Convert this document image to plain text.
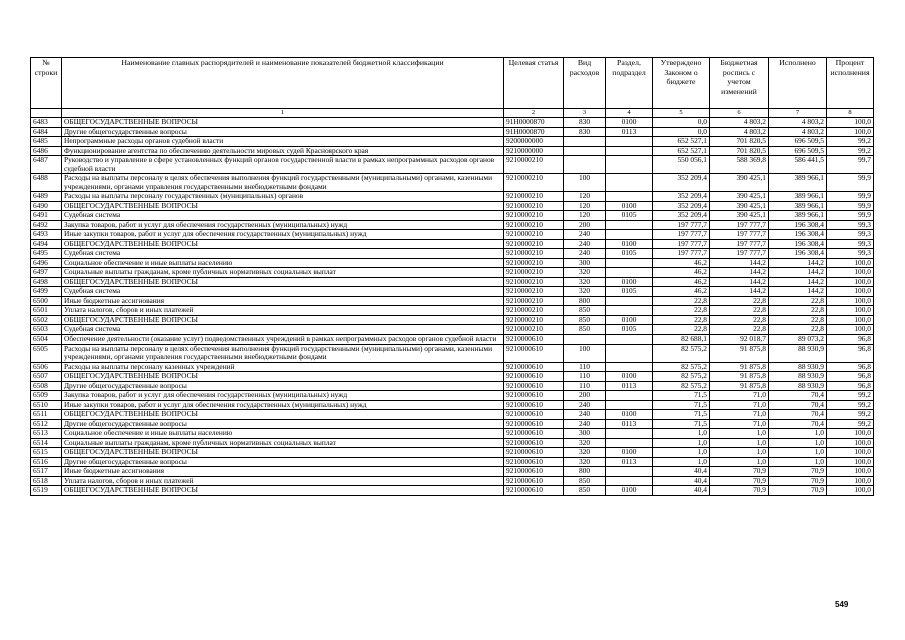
№ строки	Наименование главных распорядителей и наименование показателей бюджетной классификации	Целевая статья	Вид расходов	Раздел, подраздел	Утверждено Законом о бюджете	Бюджетная роспись с учетом изменений	Исполнено	Процент исполнения
	1	2	3	4	5	6	7	8
6483	ОБЩЕГОСУДАРСТВЕННЫЕ ВОПРОСЫ	91Н0000870	830	0100	0,0	4 803,2	4 803,2	100,0
6484	Другие общегосударственные вопросы	91Н0000870	830	0113	0,0	4 803,2	4 803,2	100,0
6485	Непрограммные расходы органов судебной власти	9200000000			652 527,1	701 820,5	696 509,5	99,2
6486	Функционирование агентства по обеспечению деятельности мировых судей Красноярского края	9210000000			652 527,1	701 820,5	696 509,5	99,2
6487	Руководство и управление в сфере установленных функций органов государственной власти в рамках непрограммных расходов органов судебной власти	9210000210			550 056,1	588 369,8	586 441,5	99,7
6488	Расходы на выплаты персоналу в целях обеспечения выполнения функций государственными (муниципальными) органами, казенными учреждениями, органами управления государственными внебюджетными фондами	9210000210	100		352 209,4	390 425,1	389 966,1	99,9
6489	Расходы на выплаты персоналу государственных (муниципальных) органов	9210000210	120		352 209,4	390 425,1	389 966,1	99,9
6490	ОБЩЕГОСУДАРСТВЕННЫЕ ВОПРОСЫ	9210000210	120	0100	352 209,4	390 425,1	389 966,1	99,9
6491	Судебная система	9210000210	120	0105	352 209,4	390 425,1	389 966,1	99,9
6492	Закупка товаров, работ и услуг для обеспечения государственных (муниципальных) нужд	9210000210	200		197 777,7	197 777,7	196 308,4	99,3
6493	Иные закупки товаров, работ и услуг для обеспечения государственных (муниципальных) нужд	9210000210	240		197 777,7	197 777,7	196 308,4	99,3
6494	ОБЩЕГОСУДАРСТВЕННЫЕ ВОПРОСЫ	9210000210	240	0100	197 777,7	197 777,7	196 308,4	99,3
6495	Судебная система	9210000210	240	0105	197 777,7	197 777,7	196 308,4	99,3
6496	Социальное обеспечение и иные выплаты населению	9210000210	300		46,2	144,2	144,2	100,0
6497	Социальные выплаты гражданам, кроме публичных нормативных социальных выплат	9210000210	320		46,2	144,2	144,2	100,0
6498	ОБЩЕГОСУДАРСТВЕННЫЕ ВОПРОСЫ	9210000210	320	0100	46,2	144,2	144,2	100,0
6499	Судебная система	9210000210	320	0105	46,2	144,2	144,2	100,0
6500	Иные бюджетные ассигнования	9210000210	800		22,8	22,8	22,8	100,0
6501	Уплата налогов, сборов и иных платежей	9210000210	850		22,8	22,8	22,8	100,0
6502	ОБЩЕГОСУДАРСТВЕННЫЕ ВОПРОСЫ	9210000210	850	0100	22,8	22,8	22,8	100,0
6503	Судебная система	9210000210	850	0105	22,8	22,8	22,8	100,0
6504	Обеспечение деятельности (оказание услуг) подведомственных учреждений в рамках непрограммных расходов органов судебной власти	9210000610			82 688,1	92 018,7	89 073,2	96,8
6505	Расходы на выплаты персоналу в целях обеспечения выполнения функций государственными (муниципальными) органами, казенными учреждениями, органами управления государственными внебюджетными фондами	9210000610	100		82 575,2	91 875,8	88 930,9	96,8
6506	Расходы на выплаты персоналу казенных учреждений	9210000610	110		82 575,2	91 875,8	88 930,9	96,8
6507	ОБЩЕГОСУДАРСТВЕННЫЕ ВОПРОСЫ	9210000610	110	0100	82 575,2	91 875,8	88 930,9	96,8
6508	Другие общегосударственные вопросы	9210000610	110	0113	82 575,2	91 875,8	88 930,9	96,8
6509	Закупка товаров, работ и услуг для обеспечения государственных (муниципальных) нужд	9210000610	200		71,5	71,0	70,4	99,2
6510	Иные закупки товаров, работ и услуг для обеспечения государственных (муниципальных) нужд	9210000610	240		71,5	71,0	70,4	99,2
6511	ОБЩЕГОСУДАРСТВЕННЫЕ ВОПРОСЫ	9210000610	240	0100	71,5	71,0	70,4	99,2
6512	Другие общегосударственные вопросы	9210000610	240	0113	71,5	71,0	70,4	99,2
6513	Социальное обеспечение и иные выплаты населению	9210000610	300		1,0	1,0	1,0	100,0
6514	Социальные выплаты гражданам, кроме публичных нормативных социальных выплат	9210000610	320		1,0	1,0	1,0	100,0
6515	ОБЩЕГОСУДАРСТВЕННЫЕ ВОПРОСЫ	9210000610	320	0100	1,0	1,0	1,0	100,0
6516	Другие общегосударственные вопросы	9210000610	320	0113	1,0	1,0	1,0	100,0
6517	Иные бюджетные ассигнования	9210000610	800		40,4	70,9	70,9	100,0
6518	Уплата налогов, сборов и иных платежей	9210000610	850		40,4	70,9	70,9	100,0
6519	ОБЩЕГОСУДАРСТВЕННЫЕ ВОПРОСЫ	9210000610	850	0100	40,4	70,9	70,9	100,0
549
